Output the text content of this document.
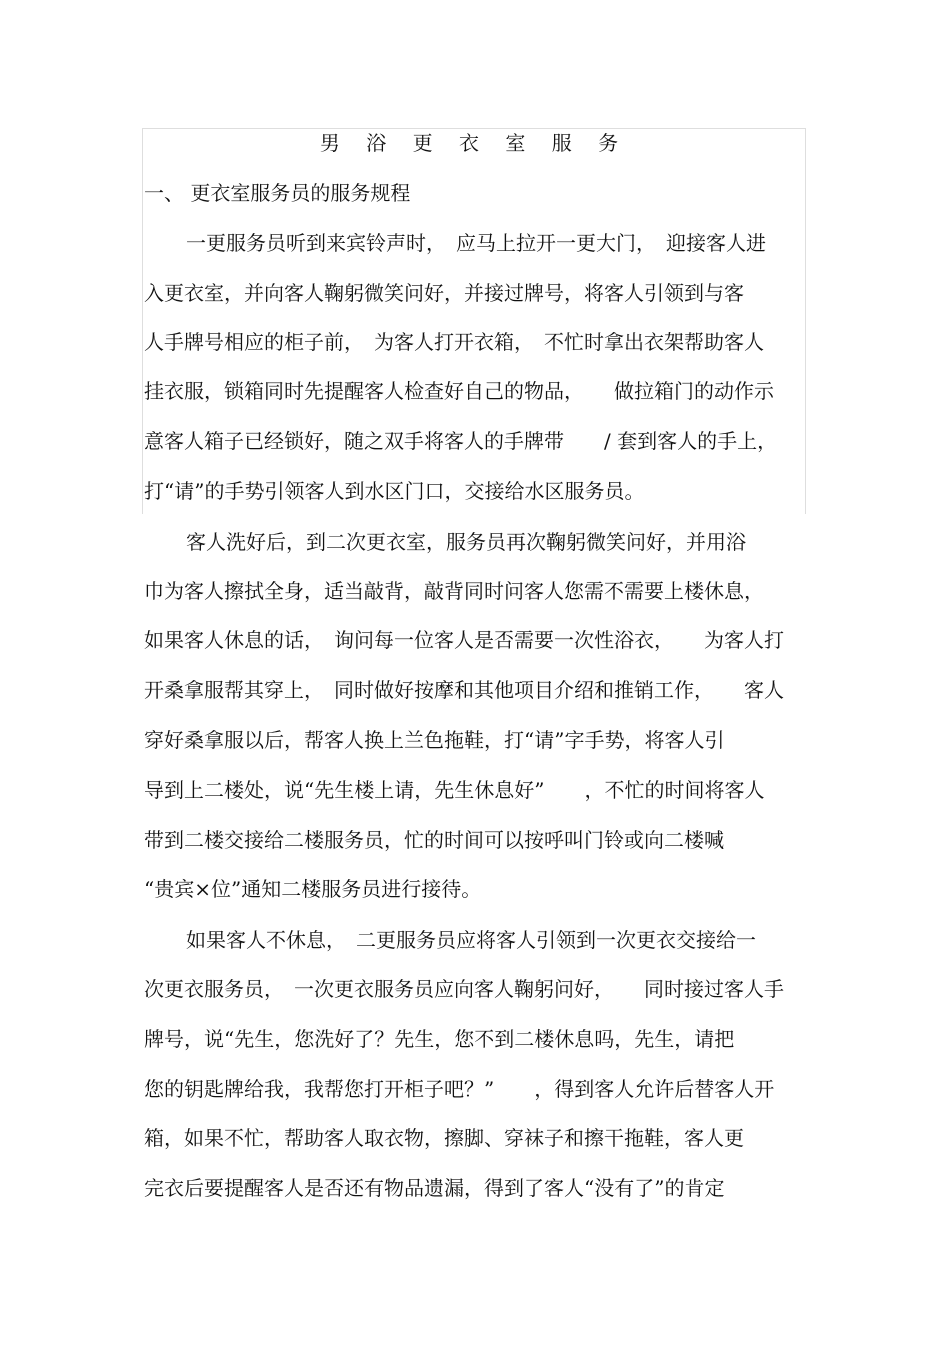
男 浴 更 衣 室 服 务
一、 更衣室服务员的服务规程
一更服务员听到来宾铃声时，　应马上拉开一更大门，　迎接客人进
入更衣室，并向客人鞠躬微笑问好，并接过牌号，将客人引领到与客
人手牌号相应的柜子前，　为客人打开衣箱，　不忙时拿出衣架帮助客人
挂衣服，锁箱同时先提醒客人检查好自己的物品，　　做拉箱门的动作示
意客人箱子已经锁好，随之双手将客人的手牌带　　/ 套到客人的手上，
打“请”的手势引领客人到水区门口，交接给水区服务员。
客人洗好后，到二次更衣室，服务员再次鞠躬微笑问好，并用浴
巾为客人擦拭全身，适当敲背，敲背同时问客人您需不需要上楼休息，
如果客人休息的话，　询问每一位客人是否需要一次性浴衣，　　为客人打
开桑拿服帮其穿上，　同时做好按摩和其他项目介绍和推销工作，　　客人
穿好桑拿服以后，帮客人换上兰色拖鞋，打“请”字手势，将客人引
导到上二楼处，说“先生楼上请，先生休息好”　　，不忙的时间将客人
带到二楼交接给二楼服务员，忙的时间可以按呼叫门铃或向二楼喊
“贵宾×位”通知二楼服务员进行接待。
如果客人不休息，　二更服务员应将客人引领到一次更衣交接给一
次更衣服务员，　一次更衣服务员应向客人鞠躬问好，　　同时接过客人手
牌号，说“先生，您洗好了？先生，您不到二楼休息吗，先生，请把
您的钥匙牌给我，我帮您打开柜子吧？”　　，得到客人允许后替客人开
箱，如果不忙，帮助客人取衣物，擦脚、穿袜子和擦干拖鞋，客人更
完衣后要提醒客人是否还有物品遗漏，得到了客人“没有了”的肯定
